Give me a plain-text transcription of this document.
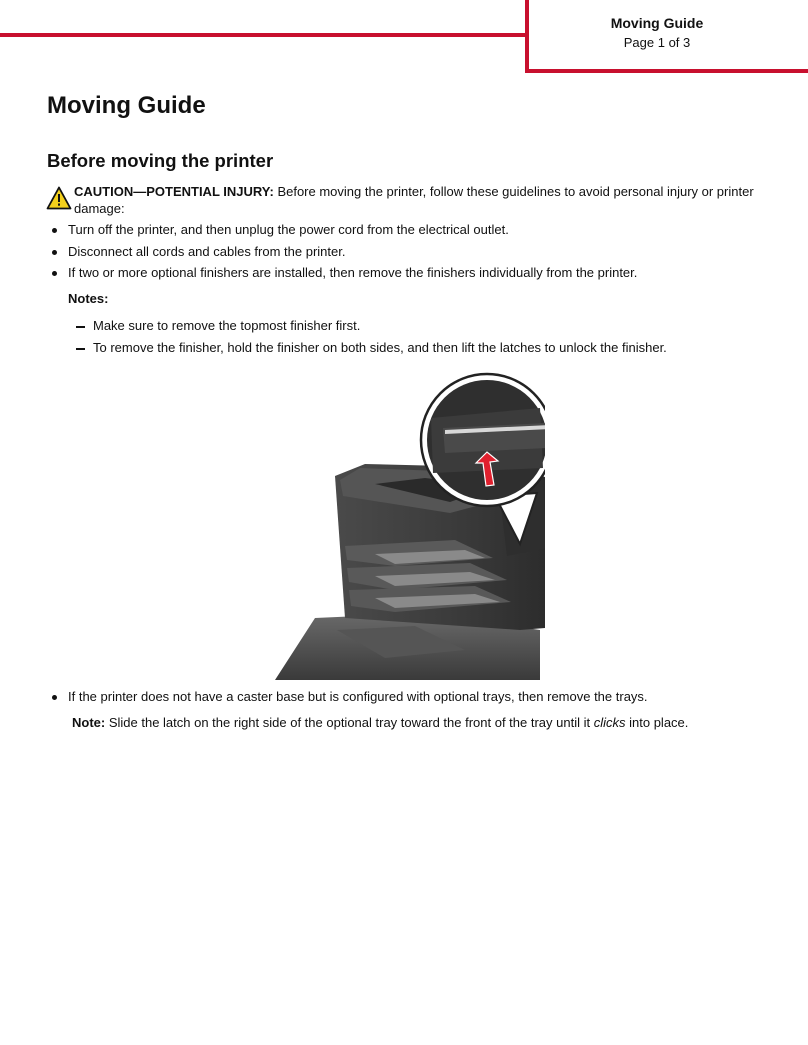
Moving Guide
Page 1 of 3
Moving Guide
Before moving the printer
CAUTION—POTENTIAL INJURY: Before moving the printer, follow these guidelines to avoid personal injury or printer damage:
Turn off the printer, and then unplug the power cord from the electrical outlet.
Disconnect all cords and cables from the printer.
If two or more optional finishers are installed, then remove the finishers individually from the printer.
Notes:
Make sure to remove the topmost finisher first.
To remove the finisher, hold the finisher on both sides, and then lift the latches to unlock the finisher.
If the printer does not have a caster base but is configured with optional trays, then remove the trays.
Note: Slide the latch on the right side of the optional tray toward the front of the tray until it clicks into place.
